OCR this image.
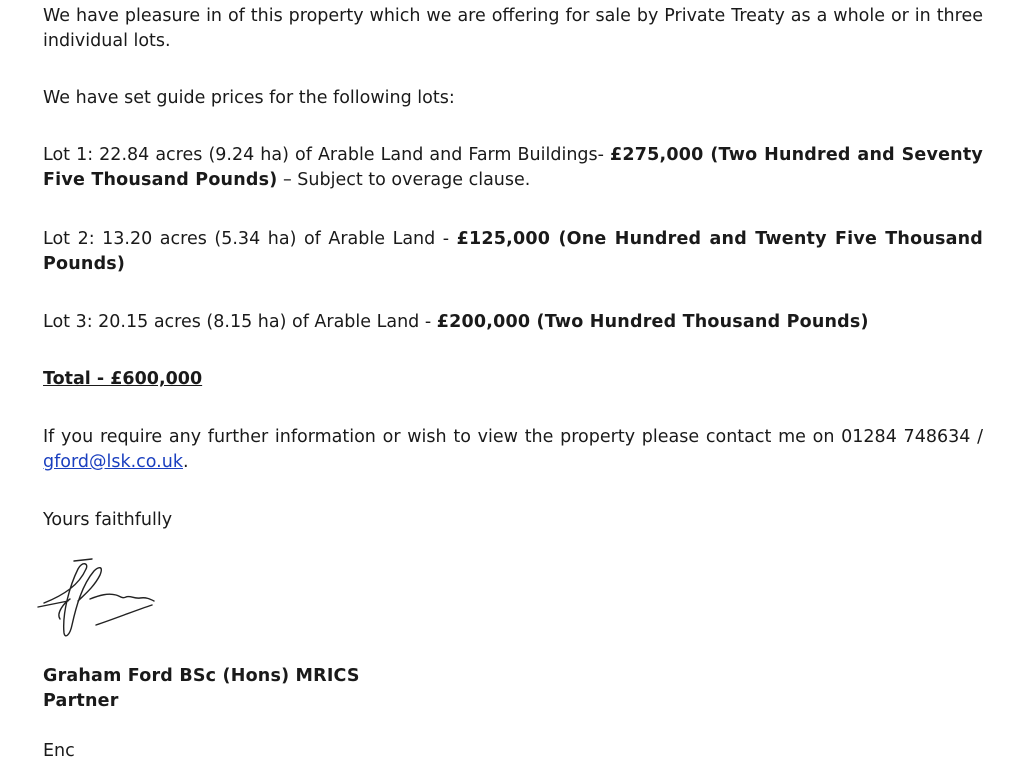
We have pleasure in of this property which we are offering for sale by Private Treaty as a whole or in three individual lots.

We have set guide prices for the following lots:

Lot 1: 22.84 acres (9.24 ha) of Arable Land and Farm Buildings- £275,000 (Two Hundred and Seventy Five Thousand Pounds) – Subject to overage clause.

Lot 2: 13.20 acres (5.34 ha) of Arable Land - £125,000 (One Hundred and Twenty Five Thousand Pounds)

Lot 3: 20.15 acres (8.15 ha) of Arable Land - £200,000 (Two Hundred Thousand Pounds)

Total - £600,000

If you require any further information or wish to view the property please contact me on 01284 748634 / gford@lsk.co.uk.

Yours faithfully

Graham Ford BSc (Hons) MRICS

Partner

Enc
